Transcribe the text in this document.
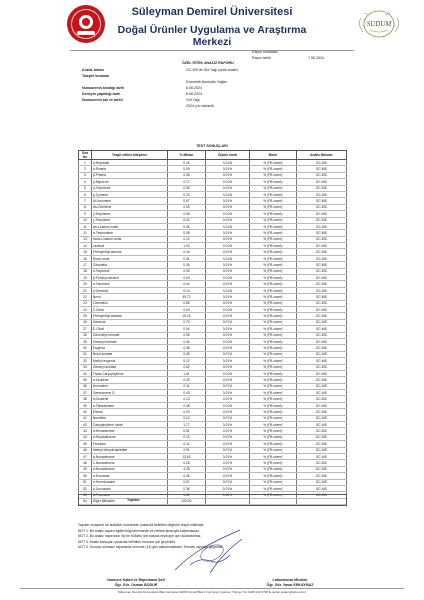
Süleyman Demirel Üniversitesi
Doğal Ürünler Uygulama ve Araştırma
Merkezi
SUDUM
Rapor numarası
Rapor tarihi	7.06.2024
ÖZEL İSTEK ANALİZ RAPORU
Analiz Amacı	GC-MS ile Gül Yağı içerik analizi
Talepte bulunan
Kozmetik Aromatik Yağlar
Numunenin alındığı tarih	6.06.2024
Deneyin yapıldığı tarih	6.06.2024
Numunenin adı ve tarihi	Gül Yağı
2024 yılı mahsulü
TEST SONUÇLARI
Sıra No	Tespit edilen bileşikler	% Miktar	Ölçüm limiti	Birim	Analiz Metodu
1	α-Heptanal	0.16	0.01%	% (FB cevre)	GC-MS
2	α-Pinene	0.09	0.01%	% (FB cevre)	GC-MS
3	β-Pinene	0.26	0.01%	% (FB cevre)	GC-MS
4	β-Myrcene	0.17	0.01%	% (FB cevre)	GC-MS
5	α-Terpinene	0.06	0.01%	% (FB cevre)	GC-MS
6	p-Cymene	0.22	0.01%	% (FB cevre)	GC-MS
7	dl-Limonene	0.07	0.01%	% (FB cevre)	GC-MS
8	cis-Ocimene	0.05	0.01%	% (FB cevre)	GC-MS
9	γ-Terpinene	0.05	0.01%	% (FB cevre)	GC-MS
10	γ-Terpinene	0.04	0.01%	% (FB cevre)	GC-MS
11	cis-Linalool oxide	0.06	0.01%	% (FB cevre)	GC-MS
12	α-Terpinolene	0.05	0.01%	% (FB cevre)	GC-MS
13	trans-Linalool oxide	0.13	0.01%	% (FB cevre)	GC-MS
14	Linalool	1.03	0.01%	% (FB cevre)	GC-MS
15	Phenylethyl alcohol	0.16	0.01%	% (FB cevre)	GC-MS
16	Rose oxide	0.31	0.01%	% (FB cevre)	GC-MS
17	Citronella	0.35	0.01%	% (FB cevre)	GC-MS
18	α-Terpineol	0.09	0.01%	% (FB cevre)	GC-MS
19	β-Fenchyl alcohol	0.03	0.01%	% (FB cevre)	GC-MS
20	α-Terpineol	0.04	0.01%	% (FB cevre)	GC-MS
21	γ-Geraniol	0.14	0.01%	% (FB cevre)	GC-MS
22	Nerol	39.72	0.01%	% (FB cevre)	GC-MS
23	Citronellol	0.89	0.01%	% (FB cevre)	GC-MS
24	Z-Citral	0.03	0.01%	% (FB cevre)	GC-MS
25	Phenylethyl acetate	15.15	0.01%	% (FB cevre)	GC-MS
26	Geraniol	0.70	0.01%	% (FB cevre)	GC-MS
27	E-Citral	0.04	0.01%	% (FB cevre)	GC-MS
28	Citronellyl formate	0.05	0.01%	% (FB cevre)	GC-MS
29	Geranyl formate	0.40	0.01%	% (FB cevre)	GC-MS
30	Eugenol	0.38	0.01%	% (FB cevre)	GC-MS
31	Neryl acetate	0.05	0.01%	% (FB cevre)	GC-MS
32	Methyl eugenol	0.12	0.01%	% (FB cevre)	GC-MS
33	Geranyl acetate	0.62	0.01%	% (FB cevre)	GC-MS
34	Trans-Caryophyllene	1.01	0.01%	% (FB cevre)	GC-MS
35	α-Guaiene	0.29	0.01%	% (FB cevre)	GC-MS
36	Humulene	0.11	0.01%	% (FB cevre)	GC-MS
37	Germacrene D	0.43	0.01%	% (FB cevre)	GC-MS
38	α-Guaiene	0.13	0.01%	% (FB cevre)	GC-MS
39	α-Tetradecane	0.08	0.01%	% (FB cevre)	GC-MS
40	Elemol	0.03	0.01%	% (FB cevre)	GC-MS
41	Nerolidol	0.12	0.01%	% (FB cevre)	GC-MS
42	Caryophyllene oxide	1.77	0.01%	% (FB cevre)	GC-MS
43	α-Hexadecane	0.51	0.01%	% (FB cevre)	GC-MS
44	α-Heptadecene	0.10	0.01%	% (FB cevre)	GC-MS
45	Farnesol	0.11	0.01%	% (FB cevre)	GC-MS
46	Methyl dehydroabietate	2.91	0.01%	% (FB cevre)	GC-MS
47	α-Nonadecane	13.81	0.01%	% (FB cevre)	GC-MS
48	1-Nonadecene	0.26	0.01%	% (FB cevre)	GC-MS
49	α-Nonadecane	4.28	0.01%	% (FB cevre)	GC-MS
50	α-Eicosane	0.26	0.01%	% (FB cevre)	GC-MS
51	α-Heneicosane	0.67	0.01%	% (FB cevre)	GC-MS
52	α-Docosane	0.36	0.01%	% (FB cevre)	GC-MS
53	α-Tricosane	1.52	0.01%	% (FB cevre)	GC-MS
54	Diğer Bileşikler	100.00			
Toplam
Yapılan muayene ve analizler numunede yukarıda belirtilen değerler tespit edilmiştir.
NOT 1. Bu analiz raporu eğitim bilgi tahmininde ve reklam amacıyla kullanılamaz.
NOT 2. Bu analiz raporunun hiç bir bölümü izin başına veya ayrı ayrı kullanılamaz.
NOT 3. Analiz sonuçları yukarıda belirtilen numune için geçerlidir.
NOT 4. Sonucu olumsuz raporlarda numune (14) gün saklanmaktadır. Sonucu raporlar geçerlidir.
Numune Kabul ve Raporlama Şefi
Öğr. Gör. Osman BODUR
Laboratuvar Müdürü
Öğr. Gör. Yasar ERKAYMAZ
Süleyman Demirel Üniversitesi Batı Kampüsü 32260 Çünür Blok 1 Kat Giriş | Isparta / Türkiye Tel: 0246 211 5798 E-posta: sudum@sdu.edu.tr
